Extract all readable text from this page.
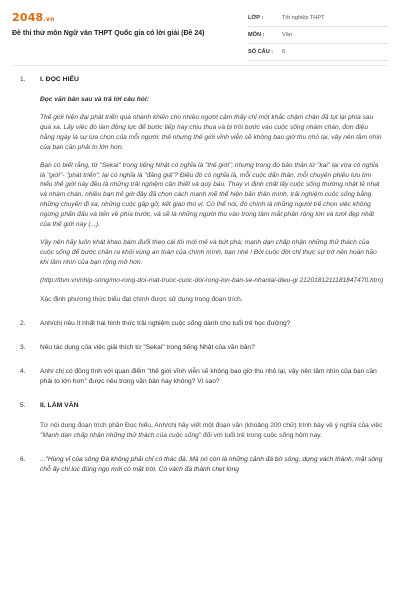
2048.vn
Đề thi thử môn Ngữ văn THPT Quốc gia có lời giải (Đề 24)
LỚP :	Tốt nghiệp THPT
MÔN :	Văn
SỐ CÂU :	6
1. I. ĐỌC HIỂU
Đọc văn bản sau và trả lời câu hỏi:
Thế giới hiện đại phát triển quá nhanh khiến cho nhiều người cảm thấy chỉ một khắc chậm chân đã tụt lại phía sau quá xa. Lấy việc đó làm động lực để bước tiếp hay chịu thua và bị trôi bước vào cuộc sống nhàm chán, đơn điệu hằng ngày là sự lựa chọn của mỗi người; thế nhưng thế giới vĩnh viễn sẽ không bao giờ thu nhỏ lại, vậy nên tầm nhìn của bạn cần phải to lớn hơn.
Bạn có biết rằng, từ "Sekai" trong tiếng Nhật có nghĩa là "thế giới"; nhưng trong đó bản thân từ "kai" lại vừa có nghĩa là "giới"- "phát triển"; lại có nghĩa là "đăng giá"? Điều đó có nghĩa là, mỗi cuộc dấn thân, mỗi chuyến phiêu lưu tìm hiểu thế giới này đều là những trải nghiệm cần thiết và quý báu. Thay vì định chất lấy cuộc sống thường nhật tẻ nhạt và nhàm chán, nhiều bạn trẻ giờ đây đã chọn cách mạnh mẽ thể hiện bản thân mình, trải nghiệm cuộc sống bằng những chuyến đi xa, những cuộc gặp gỡ, kết giao thú vị. Có thể nói, đó chính là những người trẻ chọn việc không ngừng phấn đấu và tiến về phía trước, và sẽ là những người thu vào trong tầm mắt phần rộng lớn và tươi đẹp nhất của thế giới này (...).
Vậy nên hãy luôn khát khao bám đuổi theo cái tôi mới mẻ và bứt phá; mạnh dạn chấp nhận những thử thách của cuộc sống để bước chân ra khỏi vùng an toàn của chính mình, bạn nhé ! Bởi cuộc đời chỉ thực sự trở nên hoàn hảo khi tầm nhìn của bạn rộng mở hơn.
(http://ttvn.vn/nhip-song/mo-rong-doi-mat-truoc-cuoc-doi-rong-lon-ban-se-nhanlai-dieu-gi 2120181211181847470.htm)
Xác định phương thức biểu đạt chính được sử dụng trong đoạn trích.
2. Anh/chị nêu ít nhất hai hình thức trải nghiệm cuộc sống dành cho tuổi trẻ học đường?
3. Nêu tác dụng của việc giải thích từ "Sekai" trong tiếng Nhật của văn bản?
4. Anh/ chị có đồng tình với quan điểm "thế giới vĩnh viễn sẽ không bao giờ thu nhỏ lại, vậy nên tầm nhìn của bạn cần phải to lớn hơn" được nêu trong văn bản hay không? Vì sao?
5. II. LÀM VĂN
Từ nội dung đoạn trích phần Đọc hiểu, Anh/chị hãy viết một đoạn văn (khoảng 200 chữ) trình bày về ý nghĩa của việc "Mạnh dạn chấp nhận những thử thách của cuộc sống" đối với tuổi trẻ trong cuộc sống hôm nay.
6. ..."Hùng vĩ của sông Đà không phải chỉ có thác đá. Mà nó còn là những cảnh đá bờ sông, dựng vách thành, mặt sông chỗ ấy chỉ lúc đúng ngọ mới có mặt trời. Có vách đá thành chẹt lòng
